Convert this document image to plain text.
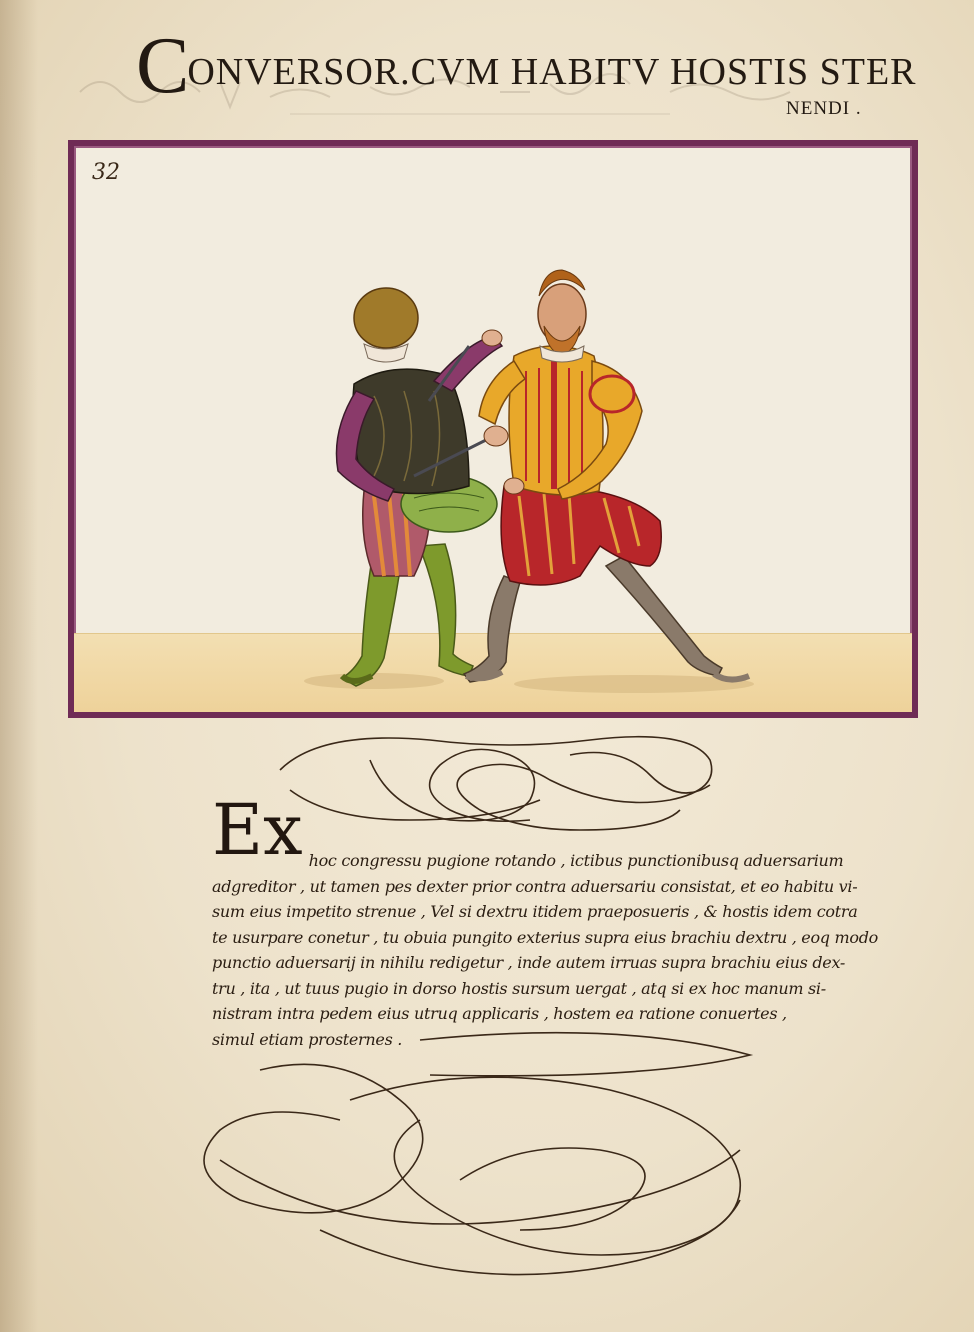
CONVERSOR.CVM HABITV HOSTIS STER
NENDI .
32
Ex hoc congressu pugione rotando , ictibus punctionibusq aduersarium
adgreditor , ut tamen pes dexter prior contra aduersariu consistat, et eo habitu vi-
sum eius impetito strenue , Vel si dextru itidem praeposueris , & hostis idem cotra
te usurpare conetur , tu obuia pungito exterius supra eius brachiu dextru , eoq modo
punctio aduersarij in nihilu redigetur , inde autem irruas supra brachiu eius dex-
tru , ita , ut tuus pugio in dorso hostis sursum uergat , atq si ex hoc manum si-
nistram intra pedem eius utruq applicaris , hostem ea ratione conuertes ,
simul etiam prosternes .
